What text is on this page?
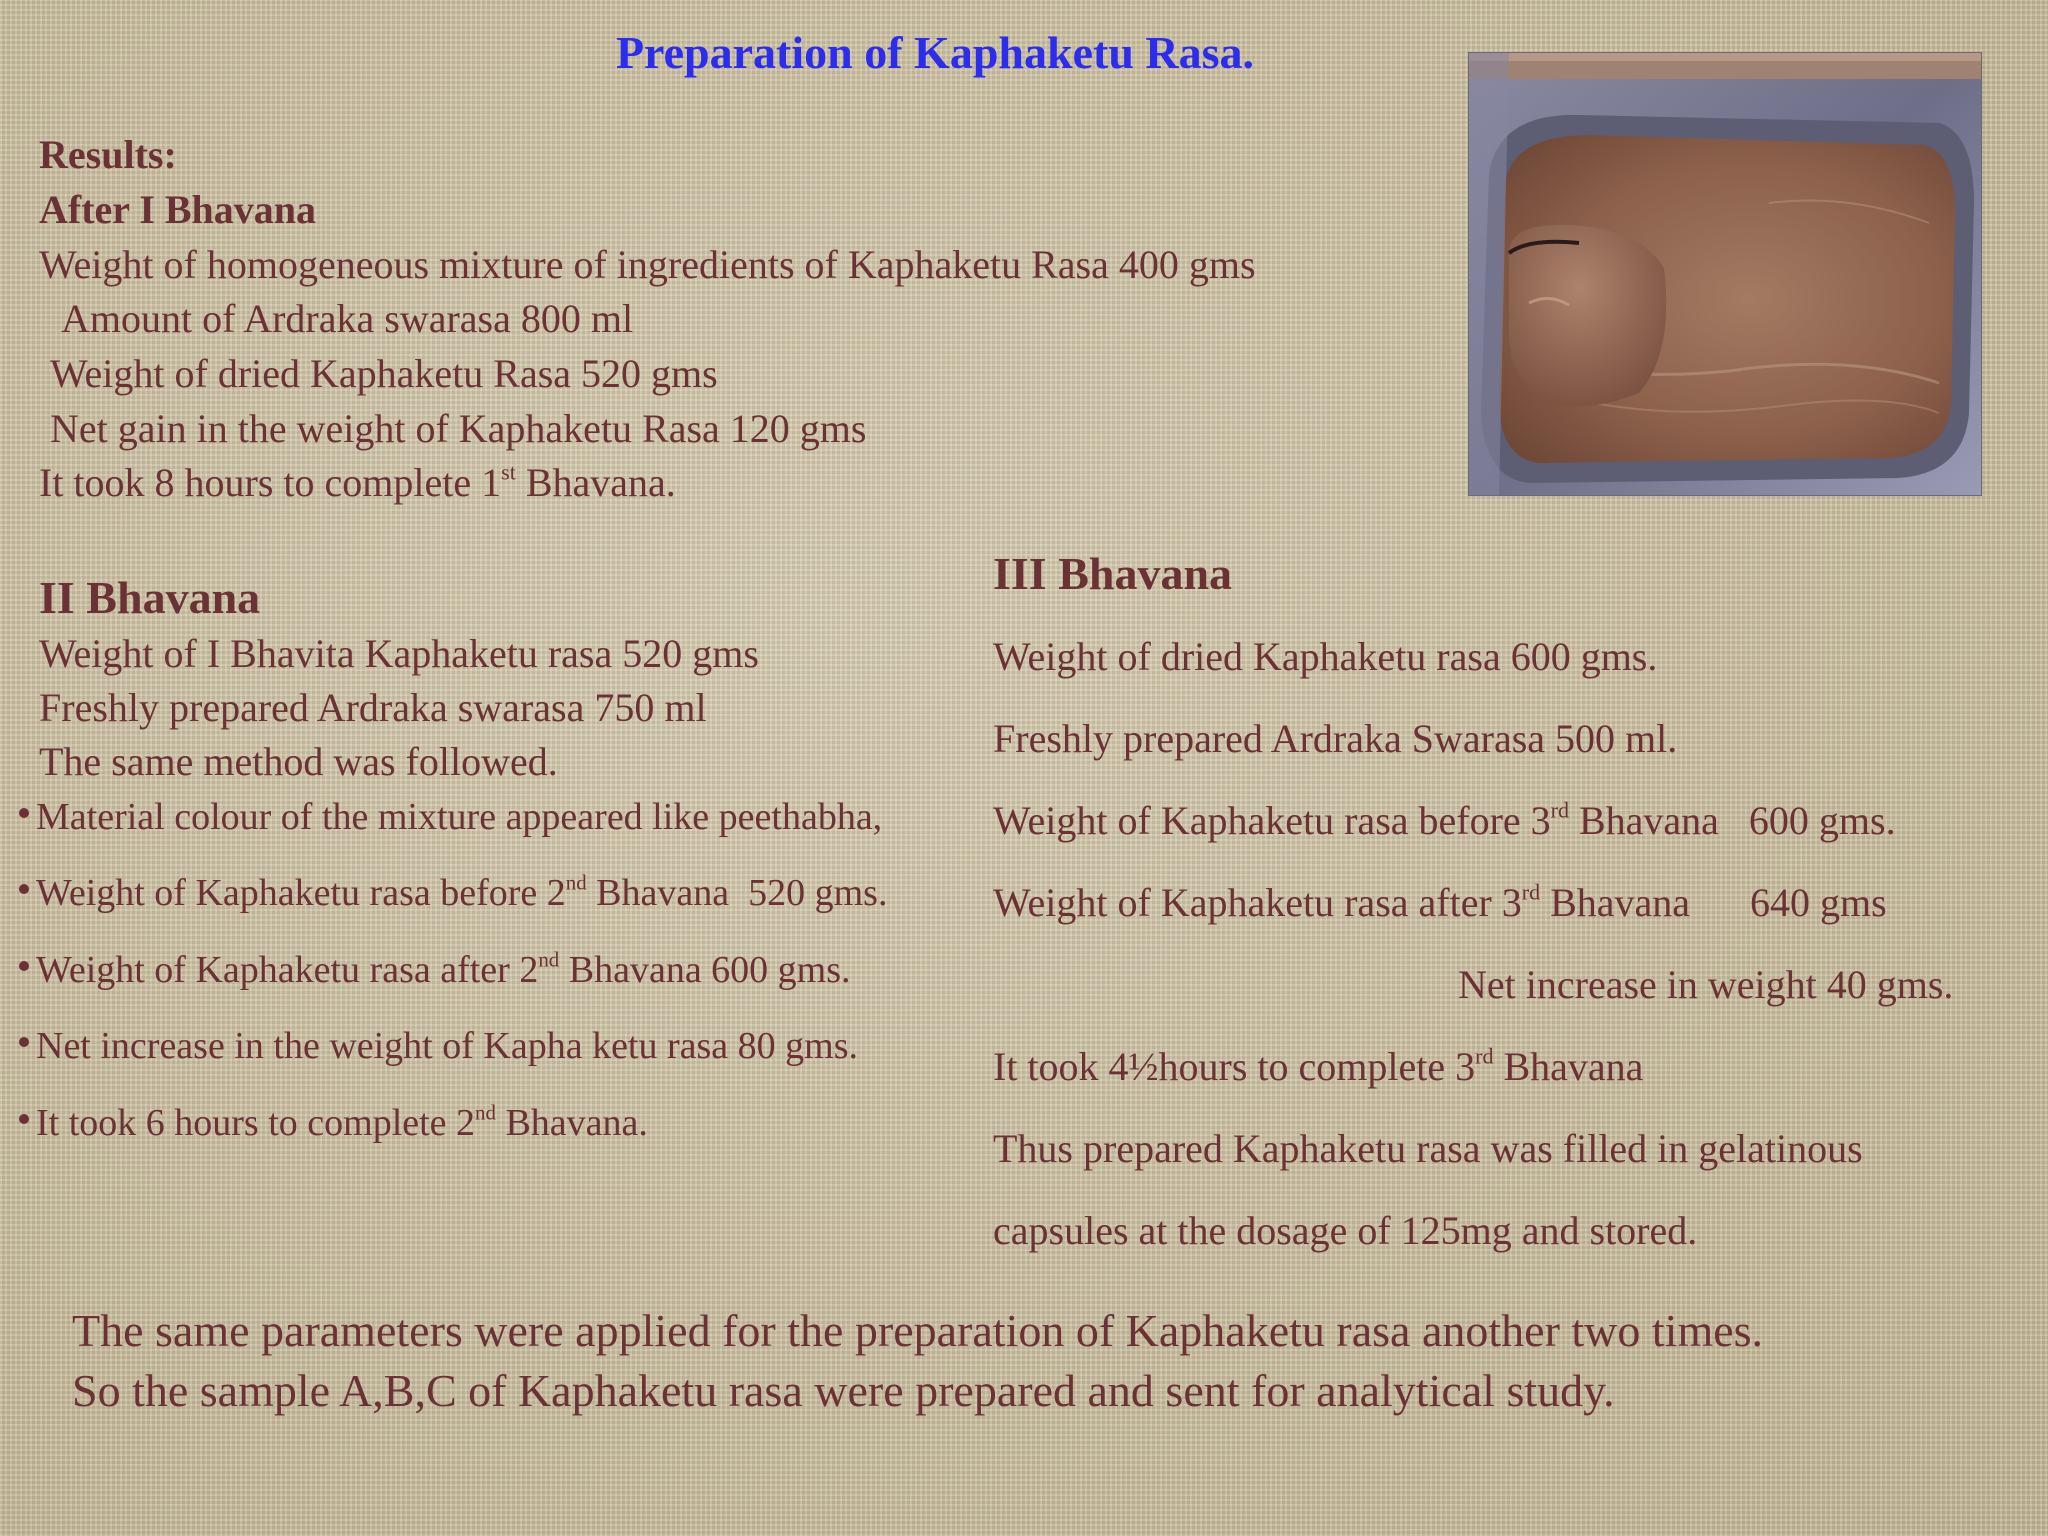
Preparation of Kaphaketu Rasa.
Results:
After I Bhavana
Weight of homogeneous mixture of ingredients of Kaphaketu Rasa 400 gms
Amount of Ardraka swarasa 800 ml
Weight of dried Kaphaketu Rasa 520 gms
Net gain in the weight of Kaphaketu Rasa 120 gms
It took 8 hours to complete 1st Bhavana.
II Bhavana
Weight of I Bhavita Kaphaketu rasa 520 gms
Freshly prepared Ardraka swarasa 750 ml
The same method was followed.
Material colour of the mixture appeared like peethabha,
Weight of Kaphaketu rasa before 2nd Bhavana  520 gms.
Weight of Kaphaketu rasa after 2nd Bhavana 600 gms.
Net increase in the weight of Kapha ketu rasa 80 gms.
It took 6 hours to complete 2nd Bhavana.
III Bhavana
Weight of dried Kaphaketu rasa 600 gms.
Freshly prepared Ardraka Swarasa 500 ml.
Weight of Kaphaketu rasa before 3rd Bhavana   600 gms.
Weight of Kaphaketu rasa after 3rd Bhavana      640 gms
Net increase in weight 40 gms.
It took 4½hours to complete 3rd Bhavana
Thus prepared Kaphaketu rasa was filled in gelatinous
capsules at the dosage of 125mg and stored.
The same parameters were applied for the preparation of Kaphaketu rasa another two times.
So the sample A,B,C of Kaphaketu rasa were prepared and sent for analytical study.
